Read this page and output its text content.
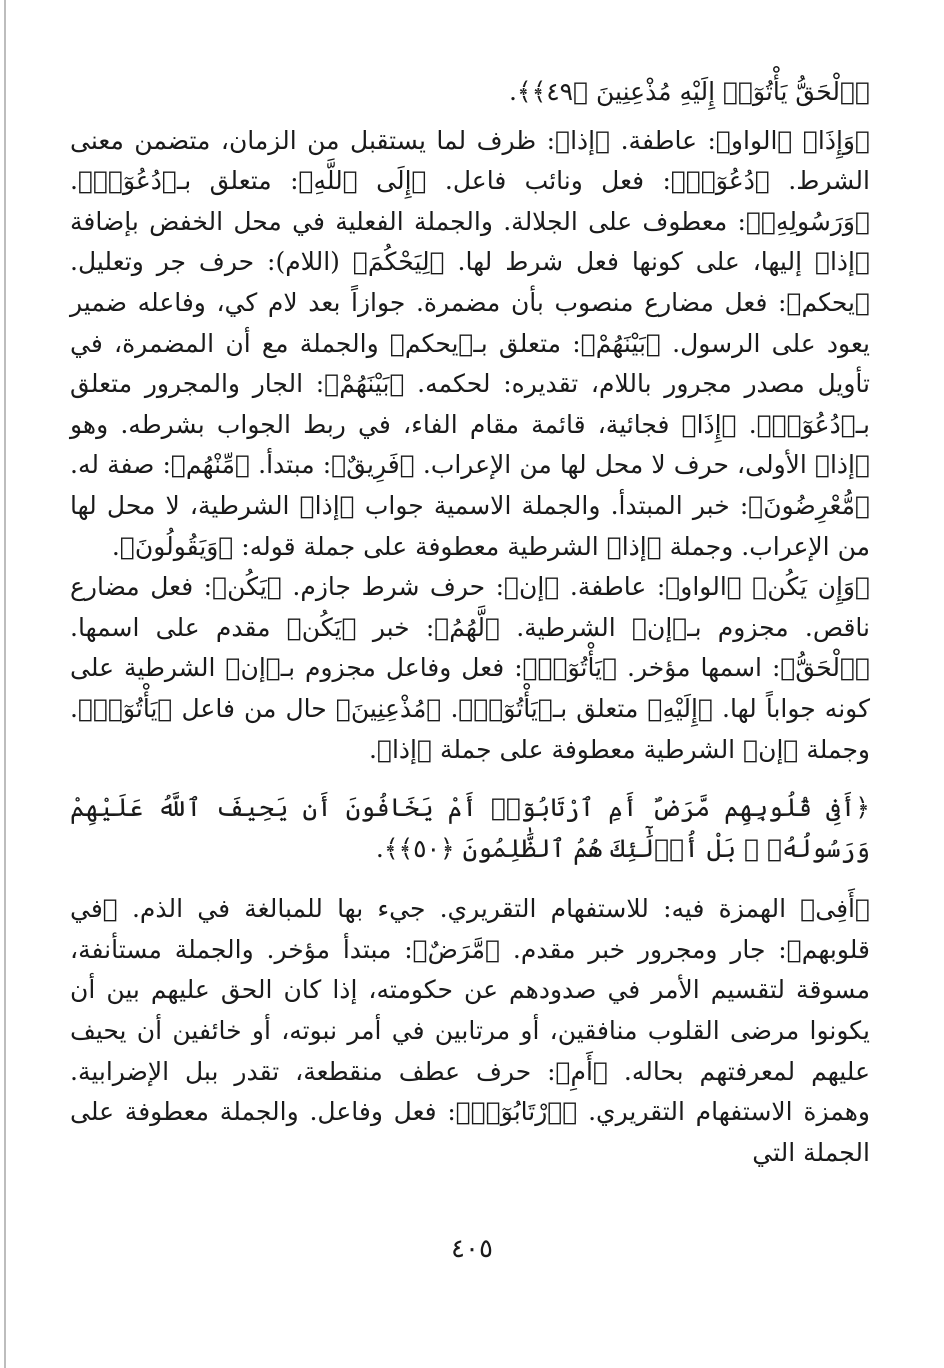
﴿ٱلْحَقُّ يَأْتُوٓا۟ إِلَيْهِ مُذْعِنِينَ ﴿٤٩﴾﴾.

﴿وَإِذَا﴾ ﴿الواو﴾: عاطفة. ﴿إذا﴾: ظرف لما يستقبل من الزمان، متضمن معنى الشرط. ﴿دُعُوٓا۟﴾: فعل ونائب فاعل. ﴿إِلَى ٱللَّهِ﴾: متعلق بـ﴿دُعُوٓا۟﴾. ﴿وَرَسُولِهِۦ﴾: معطوف على الجلالة. والجملة الفعلية في محل الخفض بإضافة ﴿إذا﴾ إليها، على كونها فعل شرط لها. ﴿لِيَحْكُمَ﴾ (اللام): حرف جر وتعليل. ﴿يحكم﴾: فعل مضارع منصوب بأن مضمرة. جوازاً بعد لام كي، وفاعله ضمير يعود على الرسول. ﴿بَيْنَهُمْ﴾: متعلق بـ﴿يحكم﴾ والجملة مع أن المضمرة، في تأويل مصدر مجرور باللام، تقديره: لحكمه. ﴿بَيْنَهُمْ﴾: الجار والمجرور متعلق بـ﴿دُعُوٓا۟﴾. ﴿إِذَا﴾ فجائية، قائمة مقام الفاء، في ربط الجواب بشرطه. وهو ﴿إذا﴾ الأولى، حرف لا محل لها من الإعراب. ﴿فَرِيقٌ﴾: مبتدأ. ﴿مِّنْهُم﴾: صفة له. ﴿مُّعْرِضُونَ﴾: خبر المبتدأ. والجملة الاسمية جواب ﴿إذا﴾ الشرطية، لا محل لها من الإعراب. وجملة ﴿إذا﴾ الشرطية معطوفة على جملة قوله: ﴿وَيَقُولُونَ﴾.

﴿وَإِن يَكُن﴾ ﴿الواو﴾: عاطفة. ﴿إن﴾: حرف شرط جازم. ﴿يَكُن﴾: فعل مضارع ناقص. مجزوم بـ﴿إن﴾ الشرطية. ﴿لَّهُمُ﴾: خبر ﴿يَكُن﴾ مقدم على اسمها. ﴿ٱلْحَقُّ﴾: اسمها مؤخر. ﴿يَأْتُوٓا۟﴾: فعل وفاعل مجزوم بـ﴿إن﴾ الشرطية على كونه جواباً لها. ﴿إِلَيْهِ﴾ متعلق بـ﴿يَأْتُوٓا۟﴾. ﴿مُذْعِنِينَ﴾ حال من فاعل ﴿يَأْتُوٓا۟﴾. وجملة ﴿إن﴾ الشرطية معطوفة على جملة ﴿إذا﴾.

﴿أَفِى قُلُوبِهِم مَّرَضٌ أَمِ ٱرْتَابُوٓا۟ أَمْ يَخَافُونَ أَن يَحِيفَ ٱللَّهُ عَلَيْهِمْ وَرَسُولُهُۥ ۚ بَلْ أُو۟لَٰٓئِكَ هُمُ ٱلظَّٰلِمُونَ ﴿٥٠﴾﴾.

﴿أَفِى﴾ الهمزة فيه: للاستفهام التقريري. جيء بها للمبالغة في الذم. ﴿في قلوبهم﴾: جار ومجرور خبر مقدم. ﴿مَّرَضٌ﴾: مبتدأ مؤخر. والجملة مستأنفة، مسوقة لتقسيم الأمر في صدودهم عن حكومته، إذا كان الحق عليهم بين أن يكونوا مرضى القلوب منافقين، أو مرتابين في أمر نبوته، أو خائفين أن يحيف عليهم لمعرفتهم بحاله. ﴿أَمِ﴾: حرف عطف منقطعة، تقدر ببل الإضرابية. وهمزة الاستفهام التقريري. ﴿ٱرْتَابُوٓا۟﴾: فعل وفاعل. والجملة معطوفة على الجملة التي

٤٠٥
